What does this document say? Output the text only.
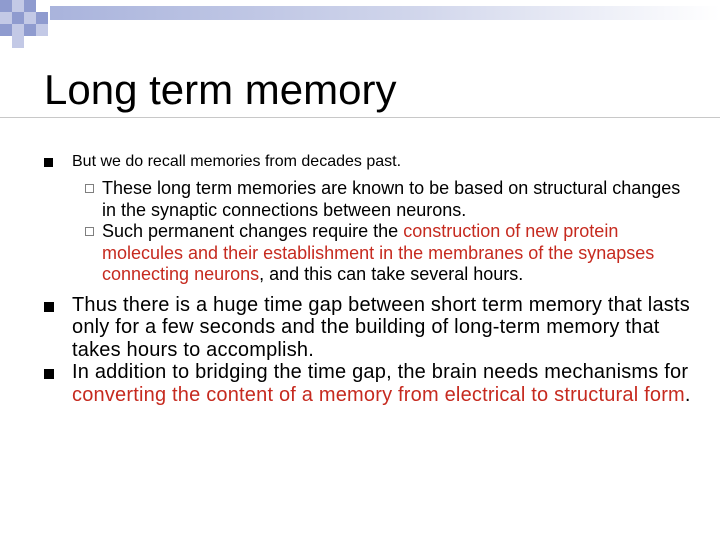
Long term memory
But we do recall memories from decades past.
These long term memories are known to be based on structural changes in the synaptic connections between neurons.
Such permanent changes require the construction of new protein molecules and their establishment in the membranes of the synapses connecting neurons, and this can take several hours.
Thus there is a huge time gap between short term memory that lasts only for a few seconds and the building of long-term memory that takes hours to accomplish.
In addition to bridging the time gap, the brain needs mechanisms for converting the content of a memory from electrical to structural form.
